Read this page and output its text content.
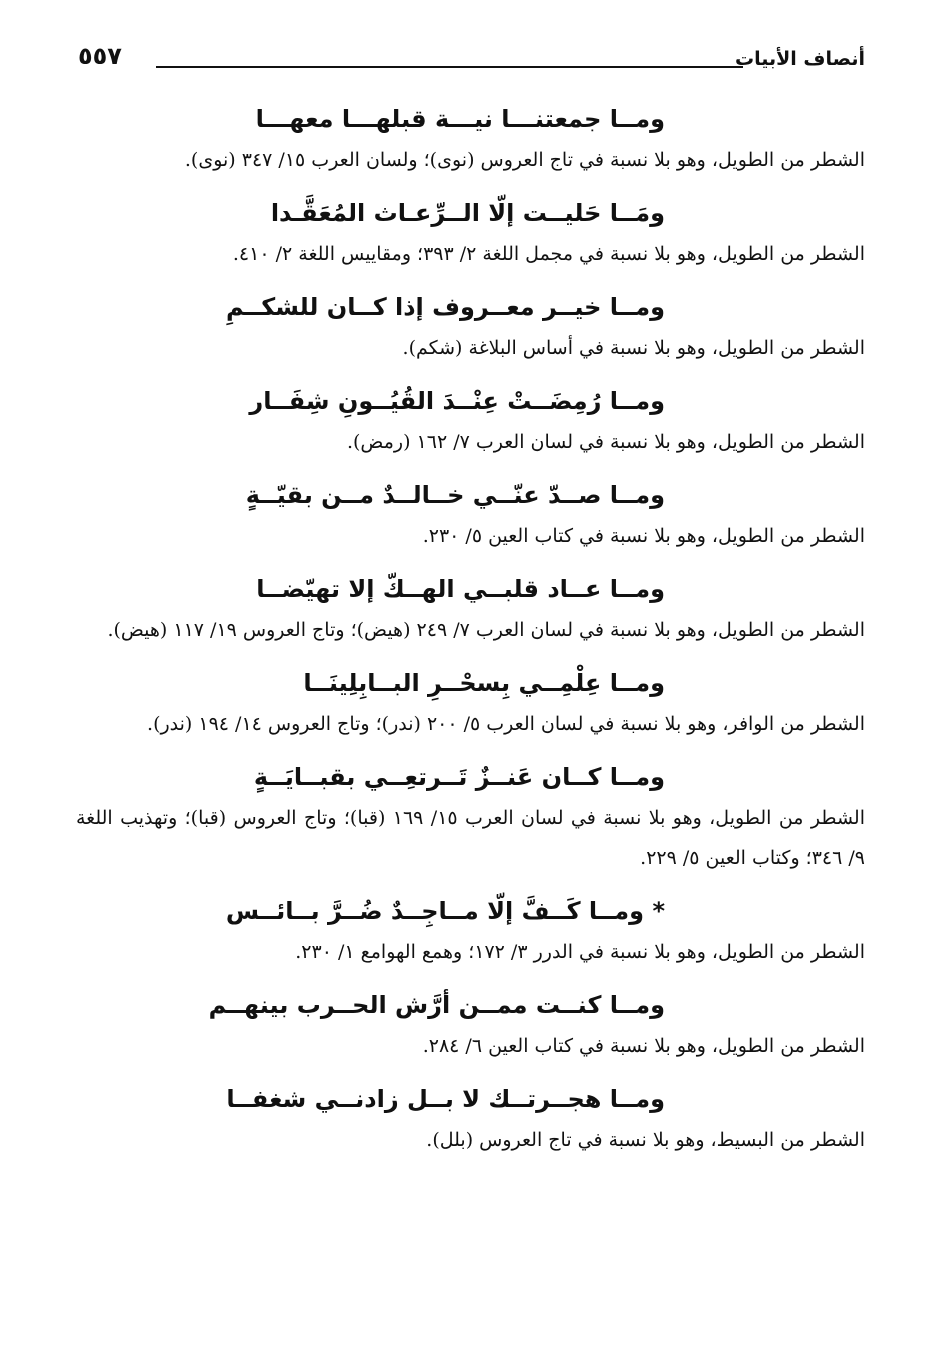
أنصاف الأبيات
٥٥٧
ومــا جمعتنـــا نيـــة قبلهـــا معهـــا
الشطر من الطويل، وهو بلا نسبة في تاج العروس (نوى)؛ ولسان العرب ١٥/ ٣٤٧ (نوى).
ومَــا حَليــت إلّا الــرِّعـاث المُعَقَّـدا
الشطر من الطويل، وهو بلا نسبة في مجمل اللغة ٢/ ٣٩٣؛ ومقاييس اللغة ٢/ ٤١٠.
ومــا خيــر معــروف إذا كــان للشكــمِ
الشطر من الطويل، وهو بلا نسبة في أساس البلاغة (شكم).
ومــا رُمِضَــتْ عِنْــدَ القُيُــونِ شِفَــار
الشطر من الطويل، وهو بلا نسبة في لسان العرب ٧/ ١٦٢ (رمض).
ومــا صــدّ عنّــي خــالــدٌ مــن بقيّــةٍ
الشطر من الطويل، وهو بلا نسبة في كتاب العين ٥/ ٢٣٠.
ومــا عــاد قلبــي الهــكّ إلا تهيّضــا
الشطر من الطويل، وهو بلا نسبة في لسان العرب ٧/ ٢٤٩ (هيض)؛ وتاج العروس ١٩/ ١١٧ (هيض).
ومــا عِلْمِــي بِسحْــرِ البــابِلِينَــا
الشطر من الوافر، وهو بلا نسبة في لسان العرب ٥/ ٢٠٠ (ندر)؛ وتاج العروس ١٤/ ١٩٤ (ندر).
ومــا كــان عَنــزٌ تَــرتعِــي بقبــايَــةٍ
الشطر من الطويل، وهو بلا نسبة في لسان العرب ١٥/ ١٦٩ (قبا)؛ وتاج العروس (قبا)؛ وتهذيب اللغة ٩/ ٣٤٦؛ وكتاب العين ٥/ ٢٢٩.
* ومــا كَــفَّ إلّا مــاجِــدٌ ضُــرَّ بــائــس
الشطر من الطويل، وهو بلا نسبة في الدرر ٣/ ١٧٢؛ وهمع الهوامع ١/ ٢٣٠.
ومــا كنــت ممــن أرَّش الحــرب بينهــم
الشطر من الطويل، وهو بلا نسبة في كتاب العين ٦/ ٢٨٤.
ومــا هجــرتــك لا بــل زادنــي شغفــا
الشطر من البسيط، وهو بلا نسبة في تاج العروس (بلل).
